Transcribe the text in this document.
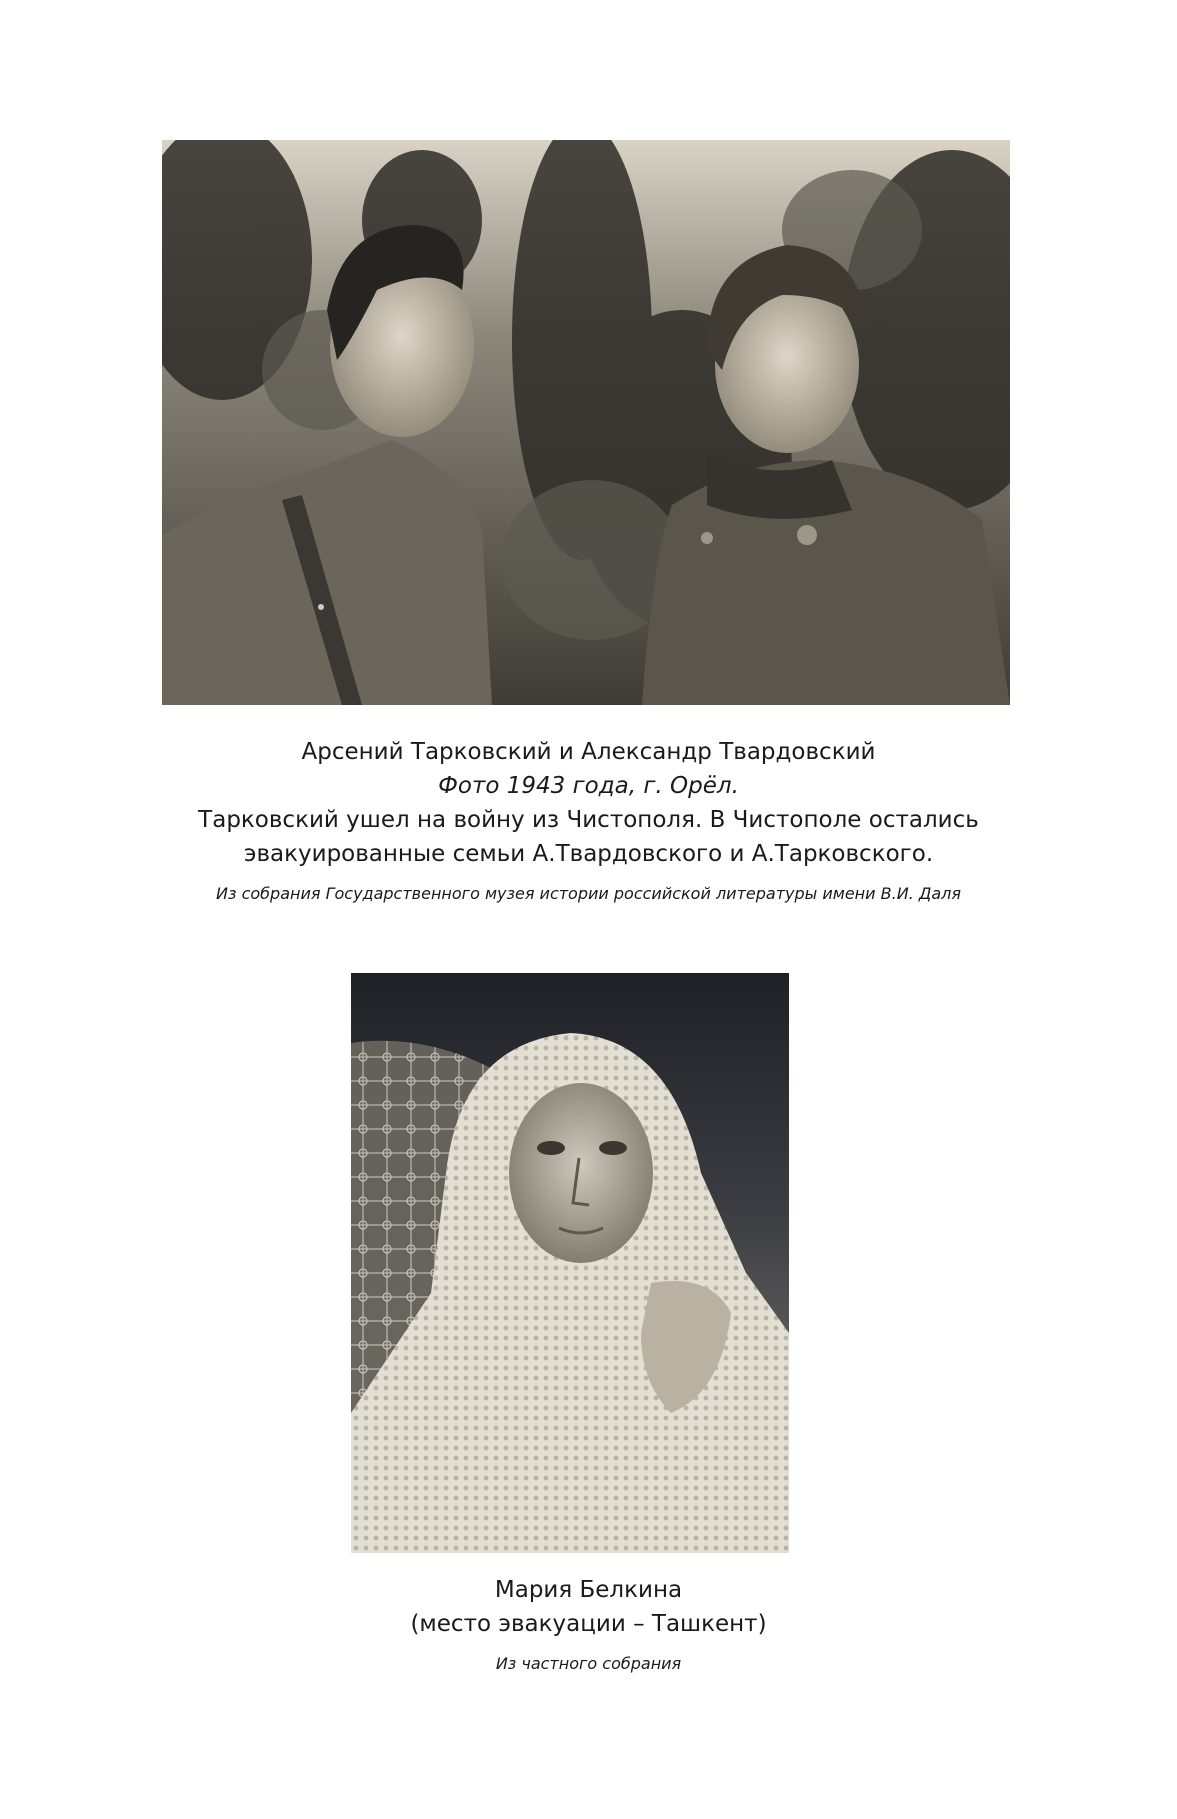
Арсений Тарковский и Александр Твардовский
Фото 1943 года, г. Орёл.
Тарковский ушел на войну из Чистополя. В Чистополе остались
эвакуированные семьи А.Твардовского и А.Тарковского.
Из собрания Государственного музея истории российской литературы имени В.И. Даля
Мария Белкина
(место эвакуации – Ташкент)
Из частного собрания
